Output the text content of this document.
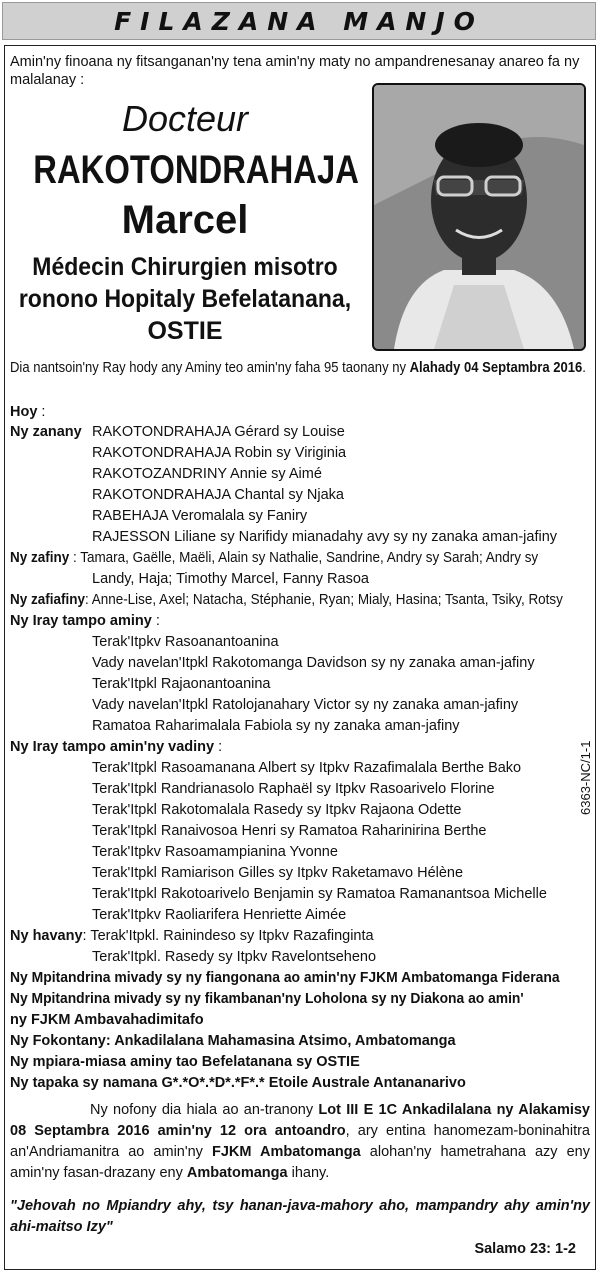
FILAZANA MANJO
Amin'ny finoana ny fitsanganan'ny tena amin'ny maty no ampandrenesanay anareo fa ny malalanay :
Docteur
RAKOTONDRAHAJA
Marcel
Médecin Chirurgien misotro
ronono Hopitaly Befelatanana,
OSTIE
Dia nantsoin'ny Ray hody any Aminy teo amin'ny faha 95 taonany ny Alahady 04 Septambra 2016.
Hoy :
Ny zanany RAKOTONDRAHAJA Gérard sy Louise
RAKOTONDRAHAJA Robin sy Viriginia
RAKOTOZANDRINY Annie sy Aimé
RAKOTONDRAHAJA Chantal sy Njaka
RABEHAJA Veromalala sy Faniry
RAJESSON Liliane sy Narifidy mianadahy avy sy ny zanaka aman-jafiny
Ny zafiny : Tamara, Gaëlle, Maëli, Alain sy Nathalie, Sandrine, Andry sy Sarah; Andry sy
Landy, Haja; Timothy Marcel, Fanny Rasoa
Ny zafiafiny: Anne-Lise, Axel; Natacha, Stéphanie, Ryan; Mialy, Hasina; Tsanta, Tsiky, Rotsy
Ny Iray tampo aminy :
Terak'Itpkv Rasoanantoanina
Vady navelan'Itpkl Rakotomanga Davidson sy ny zanaka aman-jafiny
Terak'Itpkl Rajaonantoanina
Vady navelan'Itpkl Ratolojanahary Victor sy ny zanaka aman-jafiny
Ramatoa Raharimalala Fabiola sy ny zanaka aman-jafiny
Ny Iray tampo amin'ny vadiny :
Terak'Itpkl Rasoamanana Albert sy Itpkv Razafimalala Berthe Bako
Terak'Itpkl Randrianasolo Raphaël sy Itpkv Rasoarivelo Florine
Terak'Itpkl Rakotomalala Rasedy sy Itpkv Rajaona Odette
Terak'Itpkl Ranaivosoa Henri sy Ramatoa Raharinirina Berthe
Terak'Itpkv Rasoamampianina Yvonne
Terak'Itpkl Ramiarison Gilles sy Itpkv Raketamavo Hélène
Terak'Itpkl Rakotoarivelo Benjamin sy Ramatoa Ramanantsoa Michelle
Terak'Itpkv Raoliarifera Henriette Aimée
6363-NC/1-1
Ny havany: Terak'Itpkl. Rainindeso sy Itpkv Razafinginta
Terak'Itpkl. Rasedy sy Itpkv Ravelontseheno
Ny Mpitandrina mivady sy ny fiangonana ao amin'ny FJKM Ambatomanga Fiderana
Ny Mpitandrina mivady sy ny fikambanan'ny Loholona sy ny Diakona ao amin'
ny FJKM Ambavahadimitafo
Ny Fokontany: Ankadilalana Mahamasina Atsimo, Ambatomanga
Ny mpiara-miasa aminy tao Befelatanana sy OSTIE
Ny tapaka sy namana G*.*O*.*D*.*F*.* Etoile Australe Antananarivo
Ny nofony dia hiala ao an-tranony Lot III E 1C Ankadilalana ny Alakamisy 08 Septambra 2016 amin'ny 12 ora antoandro, ary entina hanomezam-boninahitra an'Andriamanitra ao amin'ny FJKM Ambatomanga alohan'ny hametrahana azy eny amin'ny fasan-drazany eny Ambatomanga ihany.
"Jehovah no Mpiandry ahy, tsy hanan-java-mahory aho, mampandry ahy amin'ny ahi-maitso Izy"
Salamo 23: 1-2
